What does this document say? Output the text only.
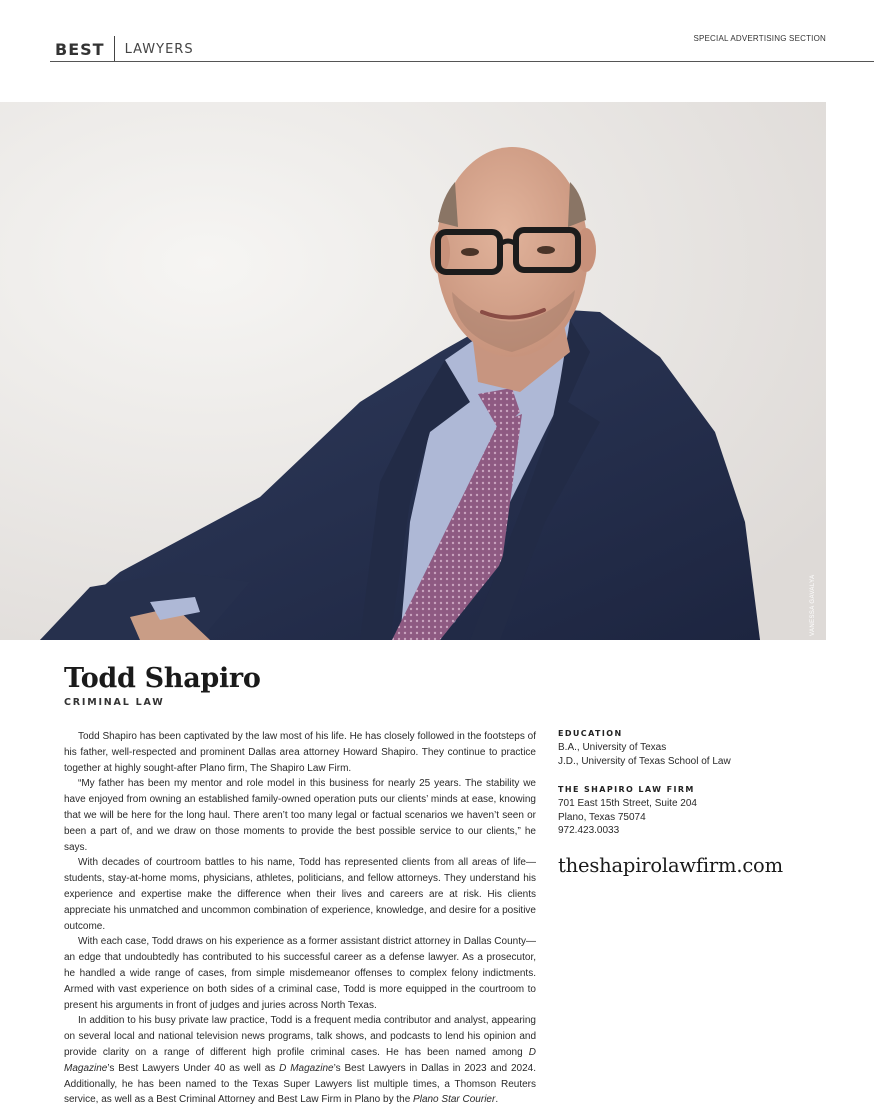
BEST	LAWYERS
SPECIAL ADVERTISING SECTION
VANESSA GAVALYA
Todd Shapiro
CRIMINAL LAW

Todd Shapiro has been captivated by the law most of his life. He has closely followed in the footsteps of his father, well-respected and prominent Dallas area attorney Howard Shapiro. They continue to practice together at highly sought-after Plano firm, The Shapiro Law Firm.

“My father has been my mentor and role model in this business for nearly 25 years. The stability we have enjoyed from owning an established family-owned operation puts our clients’ minds at ease, knowing that we will be here for the long haul. There aren’t too many legal or factual scenarios we haven’t seen or been a part of, and we draw on those moments to provide the best possible service to our clients,” he says.

With decades of courtroom battles to his name, Todd has represented clients from all areas of life—students, stay-at-home moms, physicians, athletes, politicians, and fellow attorneys. They understand his experience and expertise make the difference when their lives and careers are at risk. His clients appreciate his unmatched and uncommon combination of experience, knowledge, and desire for a positive outcome.

With each case, Todd draws on his experience as a former assistant district attorney in Dallas County—an edge that undoubtedly has contributed to his successful career as a defense lawyer. As a prosecutor, he handled a wide range of cases, from simple misdemeanor offenses to complex felony indictments. Armed with vast experience on both sides of a criminal case, Todd is more equipped in the courtroom to present his arguments in front of judges and juries across North Texas.

In addition to his busy private law practice, Todd is a frequent media contributor and analyst, appearing on several local and national television news programs, talk shows, and podcasts to lend his opinion and provide clarity on a range of different high profile criminal cases. He has been named among D Magazine’s Best Lawyers Under 40 as well as D Magazine’s Best Lawyers in Dallas in 2023 and 2024. Additionally, he has been named to the Texas Super Lawyers list multiple times, a Thomson Reuters service, as well as a Best Criminal Attorney and Best Law Firm in Plano by the Plano Star Courier.

EDUCATION
B.A., University of Texas
J.D., University of Texas School of Law
THE SHAPIRO LAW FIRM
701 East 15th Street, Suite 204
Plano, Texas 75074
972.423.0033
theshapirolawfirm.com
